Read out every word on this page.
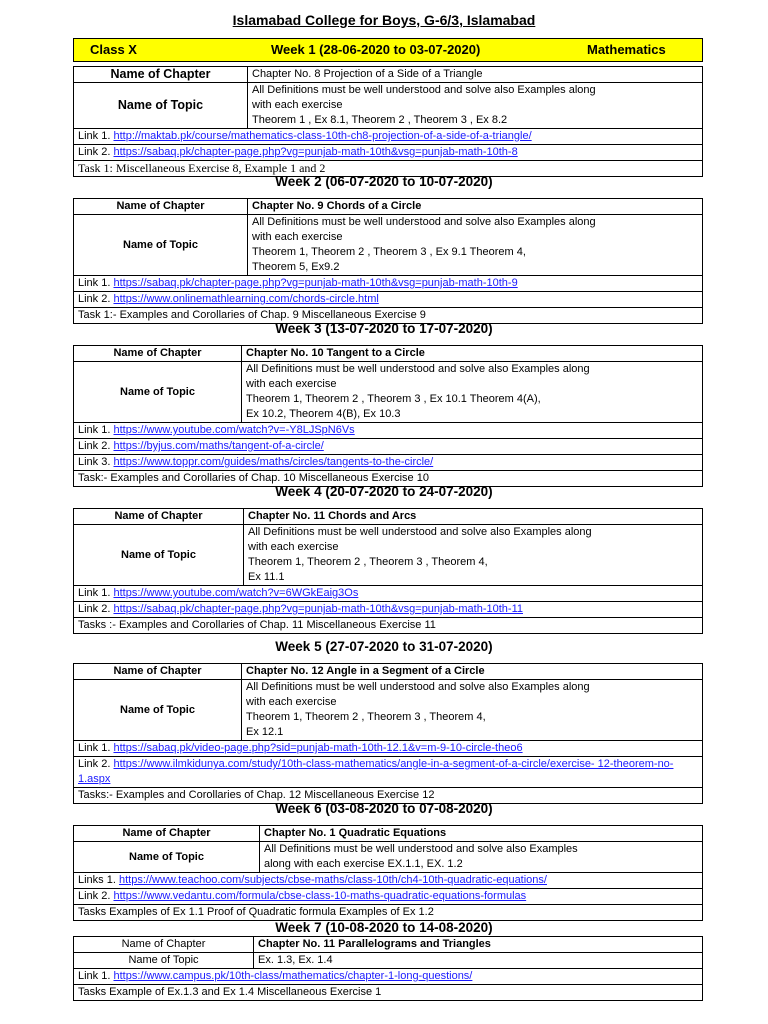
Islamabad College for Boys, G-6/3, Islamabad
Class X	Week 1 (28-06-2020 to 03-07-2020)	Mathematics
Name of Chapter	Chapter No. 8 Projection of a Side of a Triangle
Name of Topic	All Definitions must be well understood and solve also Examples along
with each exercise
Theorem 1 , Ex 8.1, Theorem 2 , Theorem 3 , Ex 8.2
Link 1. http://maktab.pk/course/mathematics-class-10th-ch8-projection-of-a-side-of-a-triangle/	
Link 2. https://sabaq.pk/chapter-page.php?vg=punjab-math-10th&vsg=punjab-math-10th-8	
Task 1: Miscellaneous Exercise 8, Example 1 and 2	
Week 2 (06-07-2020 to 10-07-2020)
Name of Chapter	Chapter No. 9 Chords of a Circle
Name of Topic	All Definitions must be well understood and solve also Examples along
with each exercise
Theorem 1, Theorem 2 , Theorem 3 , Ex 9.1 Theorem 4,
Theorem 5, Ex9.2
Link 1. https://sabaq.pk/chapter-page.php?vg=punjab-math-10th&vsg=punjab-math-10th-9	
Link 2. https://www.onlinemathlearning.com/chords-circle.html	
Task 1:- Examples and Corollaries of Chap. 9 Miscellaneous Exercise 9	
Week 3 (13-07-2020 to 17-07-2020)
Name of Chapter	Chapter No. 10 Tangent to a Circle
Name of Topic	All Definitions must be well understood and solve also Examples along
with each exercise
Theorem 1, Theorem 2 , Theorem 3 , Ex 10.1 Theorem 4(A),
Ex 10.2, Theorem 4(B), Ex 10.3
Link 1. https://www.youtube.com/watch?v=-Y8LJSpN6Vs	
Link 2. https://byjus.com/maths/tangent-of-a-circle/	
Link 3. https://www.toppr.com/guides/maths/circles/tangents-to-the-circle/	
Task:- Examples and Corollaries of Chap. 10 Miscellaneous Exercise 10	
Week 4 (20-07-2020 to 24-07-2020)
Name of Chapter	Chapter No. 11 Chords and Arcs
Name of Topic	All Definitions must be well understood and solve also Examples along
with each exercise
Theorem 1, Theorem 2 , Theorem 3 , Theorem 4,
Ex 11.1
Link 1. https://www.youtube.com/watch?v=6WGkEaig3Os	
Link 2. https://sabaq.pk/chapter-page.php?vg=punjab-math-10th&vsg=punjab-math-10th-11	
Tasks :- Examples and Corollaries of Chap. 11 Miscellaneous Exercise 11	
Week 5 (27-07-2020 to 31-07-2020)
Name of Chapter	Chapter No. 12 Angle in a Segment of a Circle
Name of Topic	All Definitions must be well understood and solve also Examples along
with each exercise
Theorem 1, Theorem 2 , Theorem 3 , Theorem 4,
Ex 12.1
Link 1. https://sabaq.pk/video-page.php?sid=punjab-math-10th-12.1&v=m-9-10-circle-theo6	
Link 2. https://www.ilmkidunya.com/study/10th-class-mathematics/angle-in-a-segment-of-a-circle/exercise- 12-theorem-no-1.aspx	
Tasks:- Examples and Corollaries of Chap. 12 Miscellaneous Exercise 12	
Week 6 (03-08-2020 to 07-08-2020)
Name of Chapter	Chapter No. 1 Quadratic Equations
Name of Topic	All Definitions must be well understood and solve also Examples
along with each exercise EX.1.1, EX. 1.2
Links 1. https://www.teachoo.com/subjects/cbse-maths/class-10th/ch4-10th-quadratic-equations/	
Link 2. https://www.vedantu.com/formula/cbse-class-10-maths-quadratic-equations-formulas	
Tasks Examples of Ex 1.1 Proof of Quadratic formula Examples of Ex 1.2	
Week 7 (10-08-2020 to 14-08-2020)
Name of Chapter	Chapter No. 11 Parallelograms and Triangles
Name of Topic	Ex. 1.3, Ex. 1.4
Link 1. https://www.campus.pk/10th-class/mathematics/chapter-1-long-questions/	
Tasks Example of Ex.1.3 and Ex 1.4 Miscellaneous Exercise 1	
